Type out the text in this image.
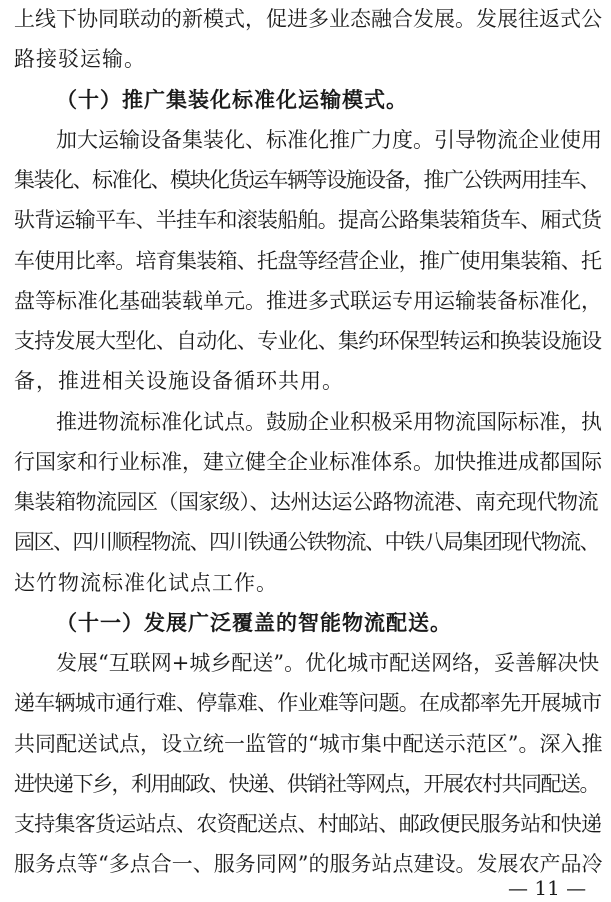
上线下协同联动的新模式，促进多业态融合发展。发展往返式公
路接驳运输。
（十）推广集装化标准化运输模式。
加大运输设备集装化、标准化推广力度。引导物流企业使用
集装化、标准化、模块化货运车辆等设施设备，推广公铁两用挂车、
驮背运输平车、半挂车和滚装船舶。提高公路集装箱货车、厢式货
车使用比率。培育集装箱、托盘等经营企业，推广使用集装箱、托
盘等标准化基础装载单元。推进多式联运专用运输装备标准化，
支持发展大型化、自动化、专业化、集约环保型转运和换装设施设
备，推进相关设施设备循环共用。
推进物流标准化试点。鼓励企业积极采用物流国际标准，执
行国家和行业标准，建立健全企业标准体系。加快推进成都国际
集装箱物流园区（国家级）、达州达运公路物流港、南充现代物流
园区、四川顺程物流、四川铁通公铁物流、中铁八局集团现代物流、
达竹物流标准化试点工作。
（十一）发展广泛覆盖的智能物流配送。
发展“互联网+城乡配送”。优化城市配送网络，妥善解决快
递车辆城市通行难、停靠难、作业难等问题。在成都率先开展城市
共同配送试点，设立统一监管的“城市集中配送示范区”。深入推
进快递下乡，利用邮政、快递、供销社等网点，开展农村共同配送。
支持集客货运站点、农资配送点、村邮站、邮政便民服务站和快递
服务点等“多点合一、服务同网”的服务站点建设。发展农产品冷
— 11 —
